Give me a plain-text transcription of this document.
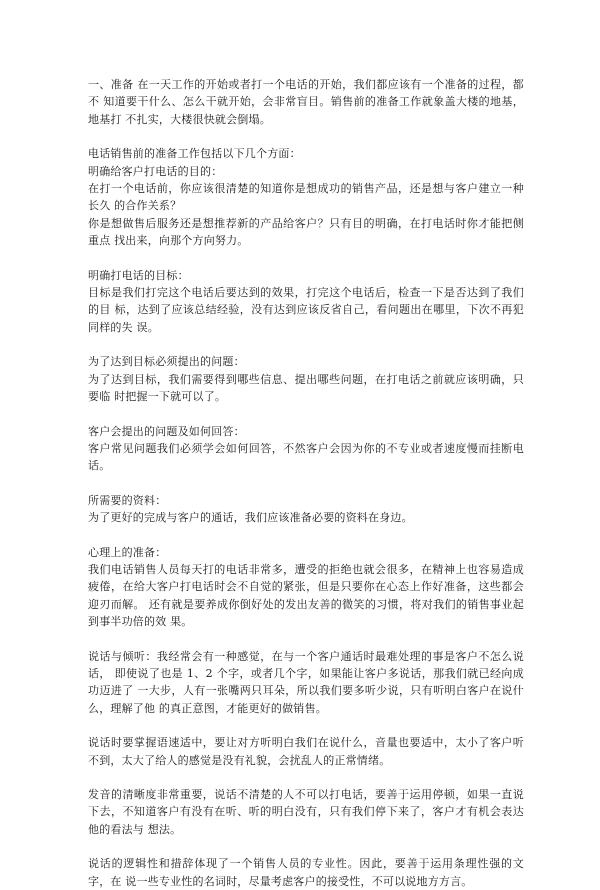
一、准备 在一天工作的开始或者打一个电话的开始，我们都应该有一个准备的过程，都不 知道要干什么、怎么干就开始，会非常盲目。销售前的准备工作就象盖大楼的地基，地基打 不扎实，大楼很快就会倒塌。

电话销售前的准备工作包括以下几个方面：

明确给客户打电话的目的：

在打一个电话前，你应该很清楚的知道你是想成功的销售产品，还是想与客户建立一种长久 的合作关系？

你是想做售后服务还是想推荐新的产品给客户？只有目的明确，在打电话时你才能把侧重点 找出来，向那个方向努力。

明确打电话的目标：

目标是我们打完这个电话后要达到的效果，打完这个电话后，检查一下是否达到了我们的目 标，达到了应该总结经验，没有达到应该反省自己，看问题出在哪里，下次不再犯同样的失 误。

为了达到目标必须提出的问题：

为了达到目标，我们需要得到哪些信息、提出哪些问题，在打电话之前就应该明确，只要临 时把握一下就可以了。

客户会提出的问题及如何回答：

客户常见问题我们必须学会如何回答，不然客户会因为你的不专业或者速度慢而挂断电话。

所需要的资料：

为了更好的完成与客户的通话，我们应该准备必要的资料在身边。

心理上的准备：

我们电话销售人员每天打的电话非常多，遭受的拒绝也就会很多，在精神上也容易造成疲倦，在给大客户打电话时会不自觉的紧张，但是只要你在心态上作好准备，这些都会迎刃而解。 还有就是要养成你倒好处的发出友善的微笑的习惯，将对我们的销售事业起到事半功倍的效 果。

说话与倾听：我经常会有一种感觉，在与一个客户通话时最难处理的事是客户不怎么说话， 即使说了也是 1、2 个字，或者几个字，如果能让客户多说话，那我们就已经向成功迈进了 一大步，人有一张嘴两只耳朵，所以我们要多听少说，只有听明白客户在说什么，理解了他 的真正意图，才能更好的做销售。

说话时要掌握语速适中，要让对方听明白我们在说什么，音量也要适中，太小了客户听不到，太大了给人的感觉是没有礼貌，会扰乱人的正常情绪。

发音的清晰度非常重要，说话不清楚的人不可以打电话，要善于运用停顿，如果一直说下去，不知道客户有没有在听、听的明白没有，只有我们停下来了，客户才有机会表达他的看法与 想法。

说话的逻辑性和措辞体现了一个销售人员的专业性。因此，要善于运用条理性强的文字，在 说一些专业性的名词时，尽量考虑客户的接受性，不可以说地方方言。
